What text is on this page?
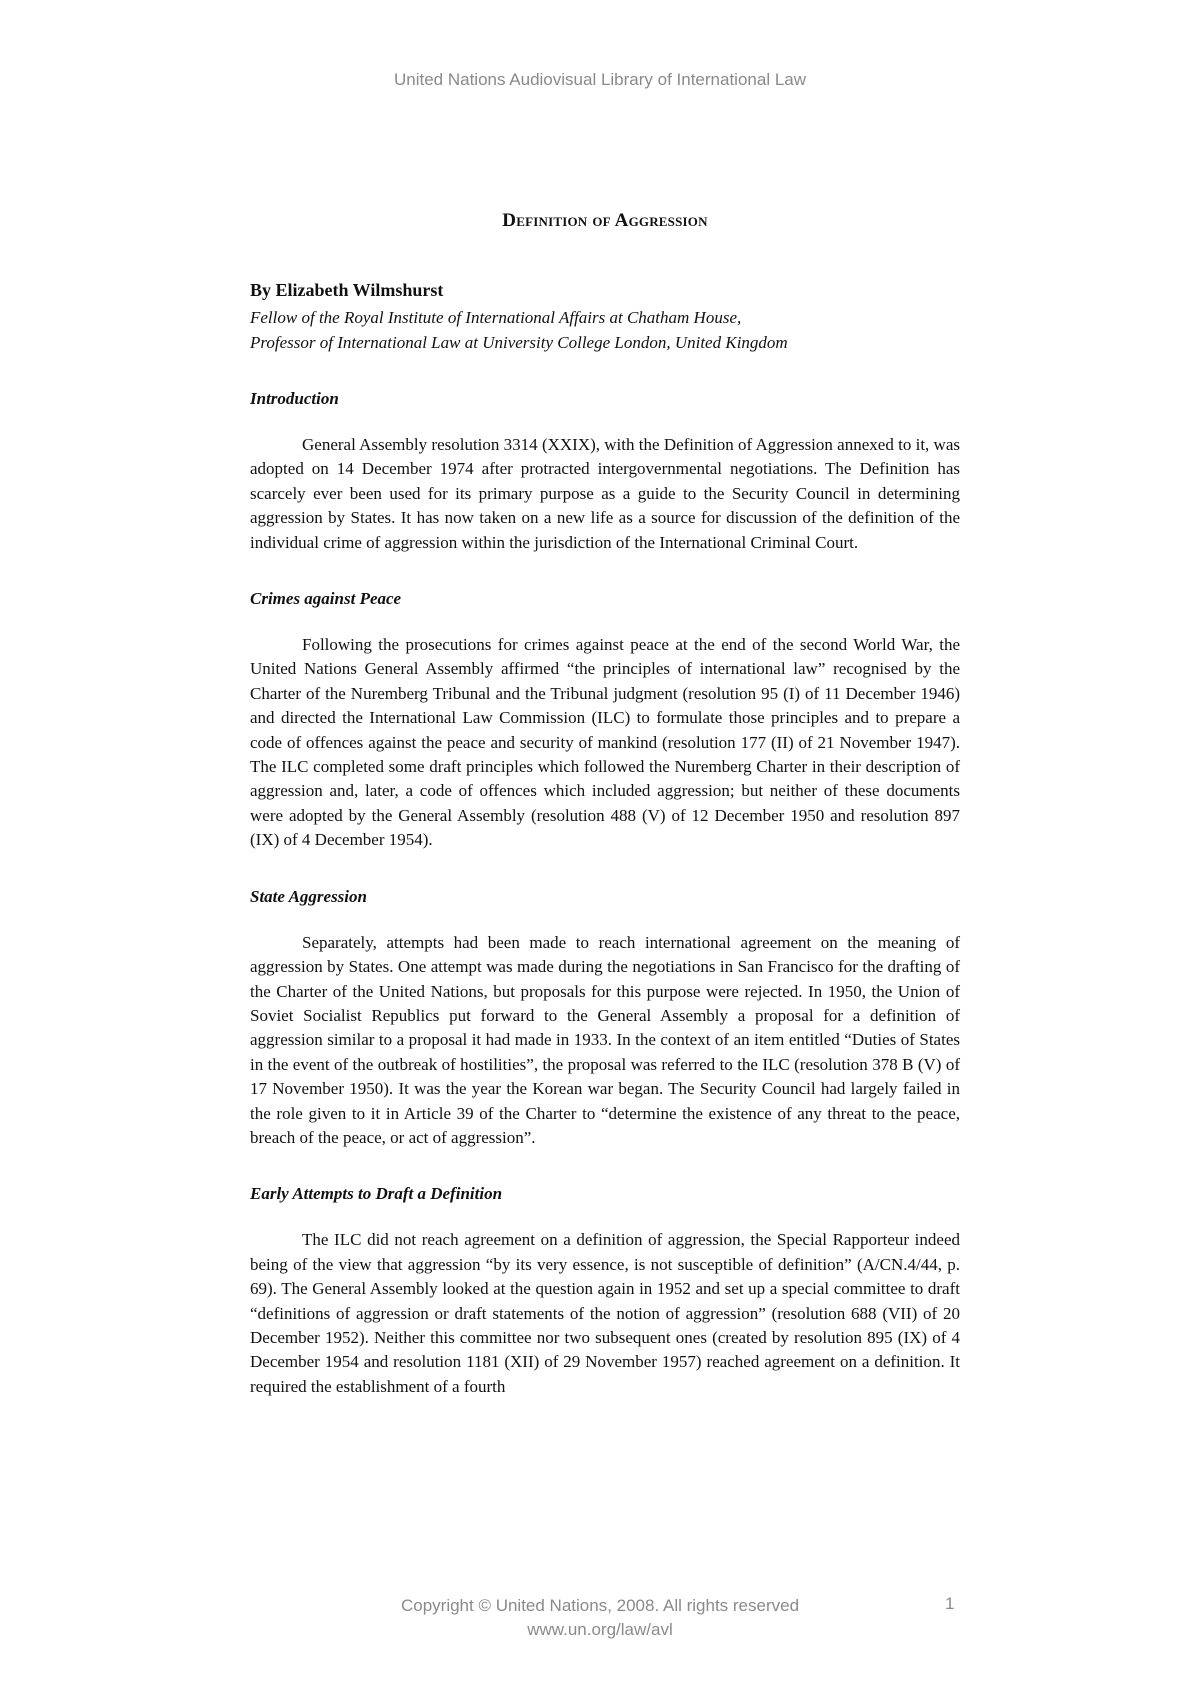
United Nations Audiovisual Library of International Law
Definition of Aggression
By Elizabeth Wilmshurst

Fellow of the Royal Institute of International Affairs at Chatham House,

Professor of International Law at University College London, United Kingdom

Introduction

General Assembly resolution 3314 (XXIX), with the Definition of Aggression annexed to it, was adopted on 14 December 1974 after protracted intergovernmental negotiations. The Definition has scarcely ever been used for its primary purpose as a guide to the Security Council in determining aggression by States. It has now taken on a new life as a source for discussion of the definition of the individual crime of aggression within the jurisdiction of the International Criminal Court.

Crimes against Peace

Following the prosecutions for crimes against peace at the end of the second World War, the United Nations General Assembly affirmed “the principles of international law” recognised by the Charter of the Nuremberg Tribunal and the Tribunal judgment (resolution 95 (I) of 11 December 1946) and directed the International Law Commission (ILC) to formulate those principles and to prepare a code of offences against the peace and security of mankind (resolution 177 (II) of 21 November 1947). The ILC completed some draft principles which followed the Nuremberg Charter in their description of aggression and, later, a code of offences which included aggression; but neither of these documents were adopted by the General Assembly (resolution 488 (V) of 12 December 1950 and resolution 897 (IX) of 4 December 1954).

State Aggression

Separately, attempts had been made to reach international agreement on the meaning of aggression by States. One attempt was made during the negotiations in San Francisco for the drafting of the Charter of the United Nations, but proposals for this purpose were rejected. In 1950, the Union of Soviet Socialist Republics put forward to the General Assembly a proposal for a definition of aggression similar to a proposal it had made in 1933. In the context of an item entitled “Duties of States in the event of the outbreak of hostilities”, the proposal was referred to the ILC (resolution 378 B (V) of 17 November 1950). It was the year the Korean war began. The Security Council had largely failed in the role given to it in Article 39 of the Charter to “determine the existence of any threat to the peace, breach of the peace, or act of aggression”.

Early Attempts to Draft a Definition

The ILC did not reach agreement on a definition of aggression, the Special Rapporteur indeed being of the view that aggression “by its very essence, is not susceptible of definition” (A/CN.4/44, p. 69). The General Assembly looked at the question again in 1952 and set up a special committee to draft “definitions of aggression or draft statements of the notion of aggression” (resolution 688 (VII) of 20 December 1952). Neither this committee nor two subsequent ones (created by resolution 895 (IX) of 4 December 1954 and resolution 1181 (XII) of 29 November 1957) reached agreement on a definition. It required the establishment of a fourth

Copyright © United Nations, 2008. All rights reserved
www.un.org/law/avl
1
